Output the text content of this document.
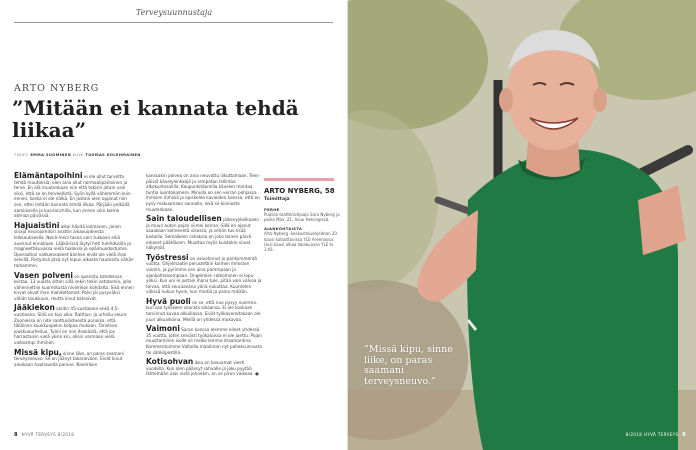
Terveysuunnustaja
ARTO NYBERG
”Mitään ei kannata tehdä liikaa”
TEKSTI EMMA SUOMINEN KUVA TUOMAS KOLEHMAINEN

Elämäntapoihini ei ole ollut tarvetta tehdä muutoksia, olen aina ollut normaalipainoinen ja terve. En elä muutenkaan niin että tekisin jotain vain siksi, että se on terveellistä. Syön kyllä vähemmän kuin ennen, koska ei ole nälkä. En jostain olen oppinut niin sen, ettei mitään kannata tehdä liikaa. Pärjään pelkällä aamiaisella ja kuo-lanchilla, kun ennen söin kolme ateriaa päivässä.

Hajuaistini alkoi hävitä kolmanen, jonen sinaja neurojomitori avattin aikavuodeesta leikkaukseella. Nenä meni tasoa vain tukkoon eikä auennut ennallaan. Lääkärissä löytyi heti tulehdusilla ja magneettikuvassa vielä tukoksia ja epäimuodostumia. Operaation valkuessakeet ääneen elvät ole vielä ihan selvillä. Ristyinsä ptsä nyt lopun alkasta hauskista vähän tarkemmin.

Vasen polveni on operoitu kahdeksan kertaa. 13 vuosta sitten sillä sekin tekin ostotomia, jolla vähennettiin kuormitusta nivelrikon kohdalta. Sikä ennen kirvat olivat ihan mahdottomat. Polvi jäi pysyväksi vähän koukkuun, mutta kivut katosivat.

Jääkiekon aloitin 45-vuotiaana enkä 4,5-vuotiaana. Siitä on tosi aika. Raittius- ja urheilu-seura Zooniessa on nite saattuvästeestä porukka, että tälläinen kuukkuopekin kelpaa mukaan. Tarvitsen joukkueurheilua. Työni on niin itsekästä, että jos harrastaisin vielä yksin kin, olisin varmaan vielä vaikeampi ihminen.

Missä kipu, sinne liike, on paras saamani terveysneuvo. Se on jäänyt takaraivoon. Eivät kivut ainakaan hauhauella parane. Nivelrikon

kanssakin polvea on aina neuvottu liikuttamaan. Teen päiviä kävelylenkkejä ja rempatan lallintaa alkokuntosalilla. Kaupunkitäomilla kävelen montaa tuntia luontokamera. Minulla on sen verran pohjassa ihmisen ihmisiä ja opiskelee kavioiden kanssa, että en pysy makuamaan sannalla, eikä se kiinnosta muutenkaan.

Sain taloudellisen jälkevyykolkaaen ja muun auton pojan viimei kerran. Sillä en ajanut saaakaan kolmeentä vikossa, ja sehän tuo lisää kaduilla. Semalkeen rahaksia on joka toinen päivä erkaset päätöksen. Muuttaa myös kuistakin viivat näkymät.

Työstressi on vaivotinnut jo parikymmentä vuotta. Ohjelmaatie perustettiin kolmen ihmisten voimin, ja pyrimme sen aina parempaan ja ajankohtaisempaan. Ongelmien ratkominen ei lopu yöksi. Kun uni ei jostain ihana tule, pitää vain valvoa ja toivoa, että seuraavana yönä nukuttaa. Kuuntelen välissä nukun hyvin, kun mietiä ja paina mikään.

Hyvä puoli on se, että nuo pysyy nuorena. kun saa työskeen seurata aikaansa. Ei ole koskaan tarvinnut kuvaa alkuillassa. Eivät työkavereitakaan ole juuri alkuaikoina. Meillä on yhdessä mukavaa.

Vaimoni Saran kanssa olemme olleet yhdessä 35 vuotta, joten selvästi työkaluissa ei ole jaettu. Pojan muuttaminen isolle oli melko lemma draamantina. Kommentoimme Valtoilla maailman nyt paheksunnasta tai sähköpostilla.

Kotisohvan ikku on kavuamat viesti vuodella. Kun olen päässyt sohvalle ja joku pyytää lähtemään ulos vielä jonnekin, on se pirun vaikeaa. ●

ARTO NYBERG, 58
Toimittaja
PERHE
Puoliso teatteriohjaaja Sara Nyberg ja poika Max, 21. Asuu Helsingissä.
AJANKOHTAISTA
Arto Nyberg -keskusteluohjelman 20. kausi katsottavissa YLE Areenassa. Uusi kausi alkaa lokakuussa YLE tv 1:llä.
8 HYVÄ TERVEYS 8/2018
”Missä kipu, sinne liike, on paras saamani terveysneuvo.”
8/2018 HYVÄ TERVEYS 9
